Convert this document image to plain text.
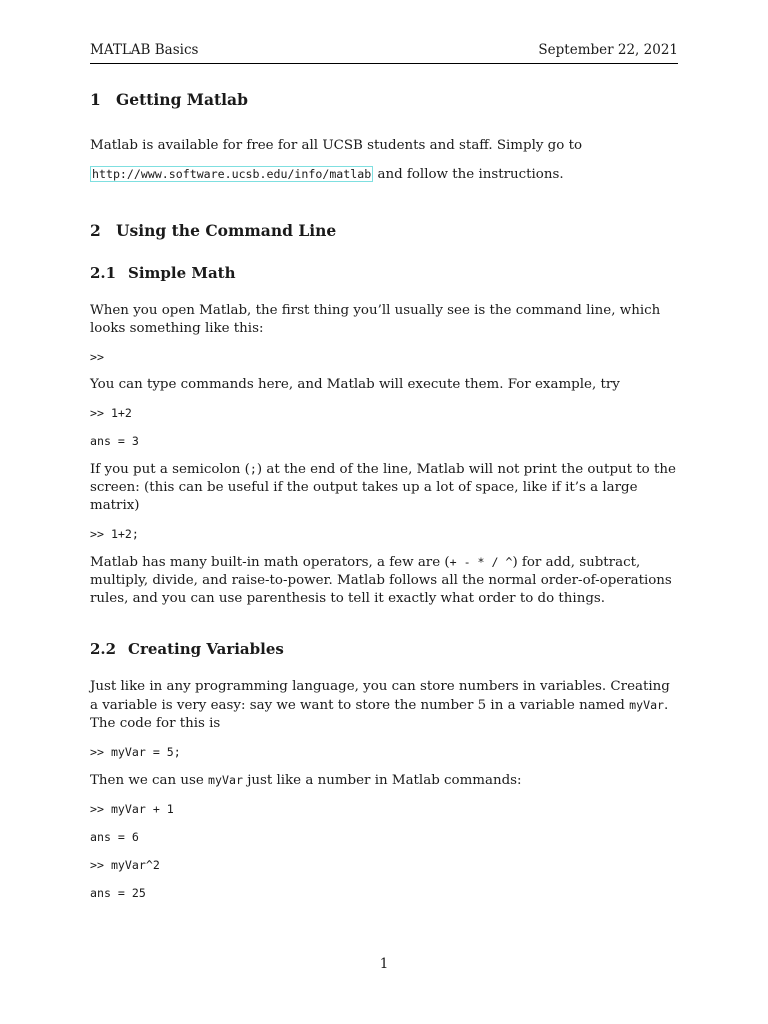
MATLAB Basics	September 22, 2021
1 Getting Matlab

Matlab is available for free for all UCSB students and staff. Simply go to

http://www.software.ucsb.edu/info/matlab and follow the instructions.

2 Using the Command Line
2.1 Simple Math

When you open Matlab, the first thing you’ll usually see is the command line, which looks something like this:

>>

You can type commands here, and Matlab will execute them. For example, try

>> 1+2

ans = 3

If you put a semicolon (;) at the end of the line, Matlab will not print the output to the screen: (this can be useful if the output takes up a lot of space, like if it’s a large matrix)

>> 1+2;

Matlab has many built-in math operators, a few are (+ - * / ^) for add, subtract, multiply, divide, and raise-to-power. Matlab follows all the normal order-of-operations rules, and you can use parenthesis to tell it exactly what order to do things.

2.2 Creating Variables

Just like in any programming language, you can store numbers in variables. Creating a variable is very easy: say we want to store the number 5 in a variable named myVar. The code for this is

>> myVar = 5;

Then we can use myVar just like a number in Matlab commands:

>> myVar + 1

ans = 6

>> myVar^2

ans = 25

1
